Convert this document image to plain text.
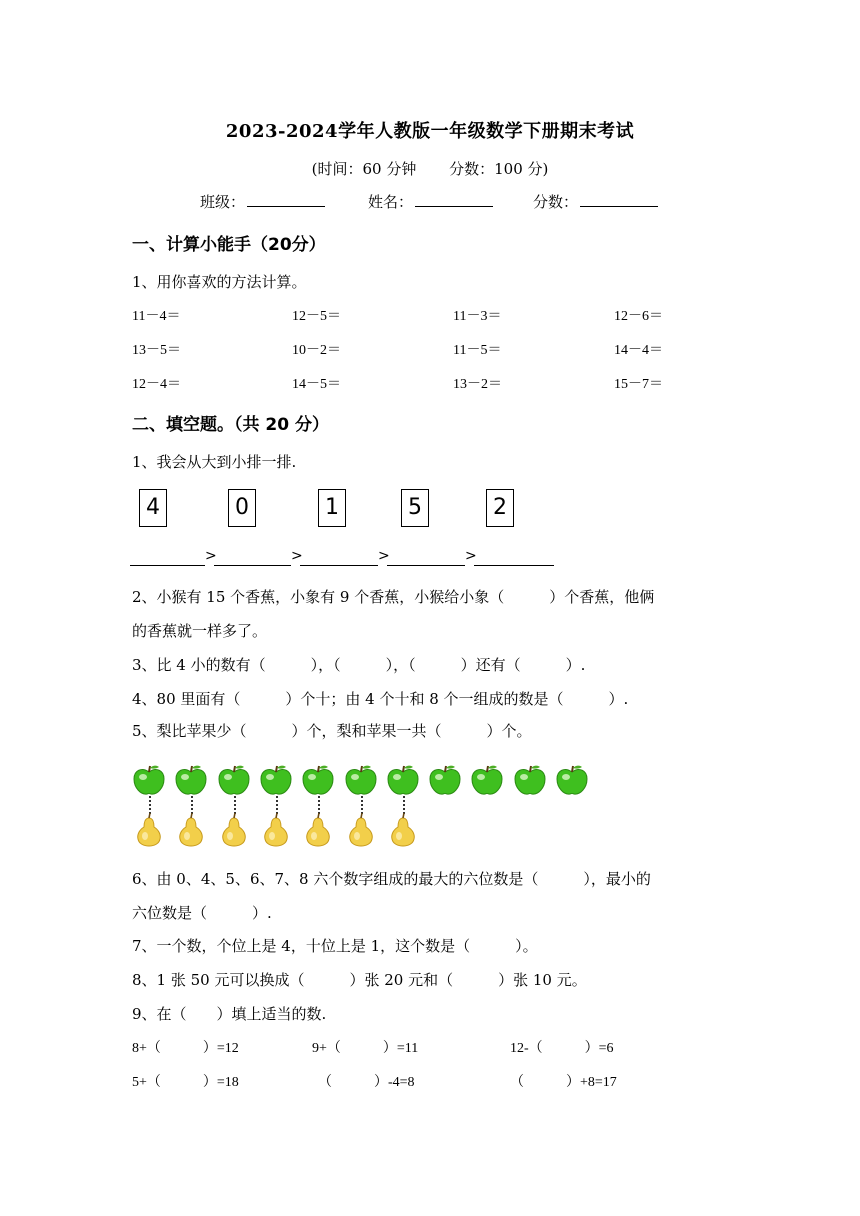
2023-2024学年人教版一年级数学下册期末考试
(时间：60 分钟 分数：100 分)
班级：	姓名：	分数：
一、计算小能手（20分）
1、用你喜欢的方法计算。
11－4＝	12－5＝	11－3＝	12－6＝
13－5＝	10－2＝	11－5＝	14－4＝
12－4＝	14－5＝	13－2＝	15－7＝
二、填空题。（共 20 分）
1、我会从大到小排一排.
4	0	1	5	2
>	>	>	>
2、小猴有 15 个香蕉，小象有 9 个香蕉，小猴给小象（　　　）个香蕉，他俩
的香蕉就一样多了。
3、比 4 小的数有（　　　），（　　　），（　　　）还有（　　　）.
4、80 里面有（　　　）个十；由 4 个十和 8 个一组成的数是（　　　）.
5、梨比苹果少（　　　）个，梨和苹果一共（　　　）个。
6、由 0、4、5、6、7、8 六个数字组成的最大的六位数是（　　　），最小的
六位数是（　　　）.
7、一个数，个位上是 4，十位上是 1，这个数是（　　　）。
8、1 张 50 元可以换成（　　　）张 20 元和（　　　）张 10 元。
9、在（　　）填上适当的数.
8+（　　　）=12	9+（　　　）=11	12-（　　　）=6
5+（　　　）=18	（　　　）-4=8	（　　　）+8=17
